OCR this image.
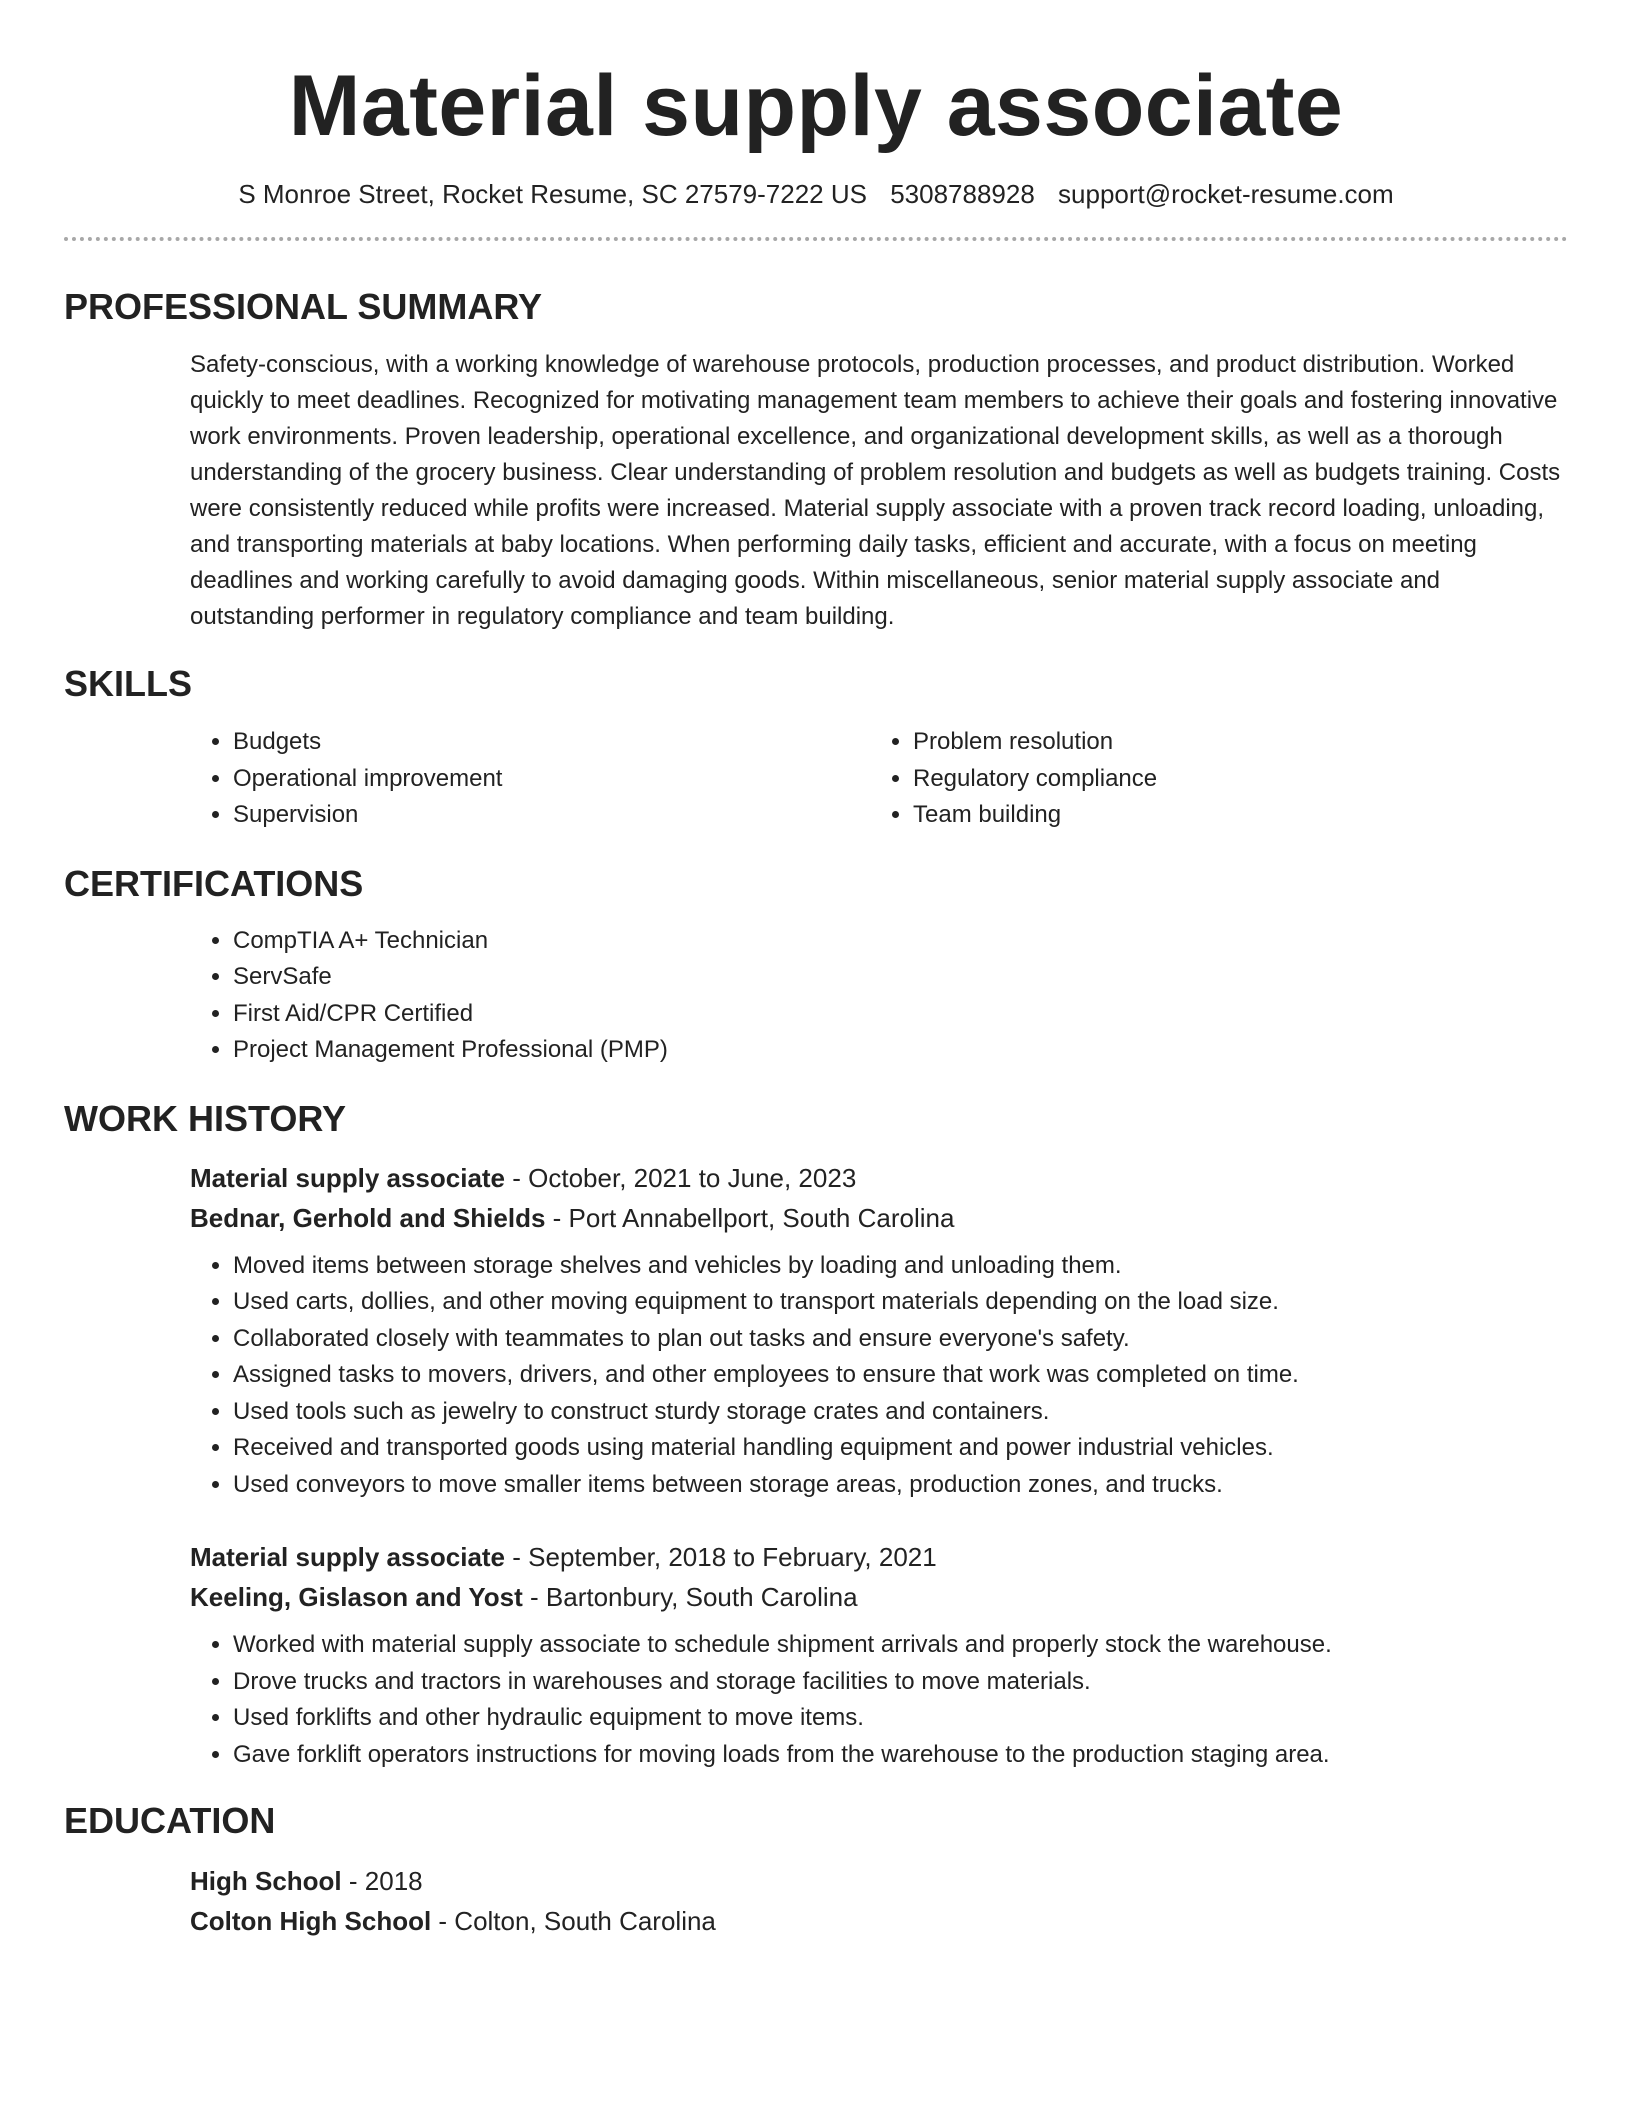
Material supply associate
S Monroe Street, Rocket Resume, SC 27579-7222 US 5308788928 support@rocket-resume.com
PROFESSIONAL SUMMARY
Safety-conscious, with a working knowledge of warehouse protocols, production processes, and product distribution. Worked quickly to meet deadlines. Recognized for motivating management team members to achieve their goals and fostering innovative work environments. Proven leadership, operational excellence, and organizational development skills, as well as a thorough understanding of the grocery business. Clear understanding of problem resolution and budgets as well as budgets training. Costs were consistently reduced while profits were increased. Material supply associate with a proven track record loading, unloading, and transporting materials at baby locations. When performing daily tasks, efficient and accurate, with a focus on meeting deadlines and working carefully to avoid damaging goods. Within miscellaneous, senior material supply associate and outstanding performer in regulatory compliance and team building.
SKILLS
• Budgets
• Operational improvement
• Supervision
• Problem resolution
• Regulatory compliance
• Team building
CERTIFICATIONS
• CompTIA A+ Technician
• ServSafe
• First Aid/CPR Certified
• Project Management Professional (PMP)
WORK HISTORY
Material supply associate - October, 2021 to June, 2023
Bednar, Gerhold and Shields - Port Annabellport, South Carolina
• Moved items between storage shelves and vehicles by loading and unloading them.
• Used carts, dollies, and other moving equipment to transport materials depending on the load size.
• Collaborated closely with teammates to plan out tasks and ensure everyone's safety.
• Assigned tasks to movers, drivers, and other employees to ensure that work was completed on time.
• Used tools such as jewelry to construct sturdy storage crates and containers.
• Received and transported goods using material handling equipment and power industrial vehicles.
• Used conveyors to move smaller items between storage areas, production zones, and trucks.
Material supply associate - September, 2018 to February, 2021
Keeling, Gislason and Yost - Bartonbury, South Carolina
• Worked with material supply associate to schedule shipment arrivals and properly stock the warehouse.
• Drove trucks and tractors in warehouses and storage facilities to move materials.
• Used forklifts and other hydraulic equipment to move items.
• Gave forklift operators instructions for moving loads from the warehouse to the production staging area.
EDUCATION
High School - 2018
Colton High School - Colton, South Carolina
